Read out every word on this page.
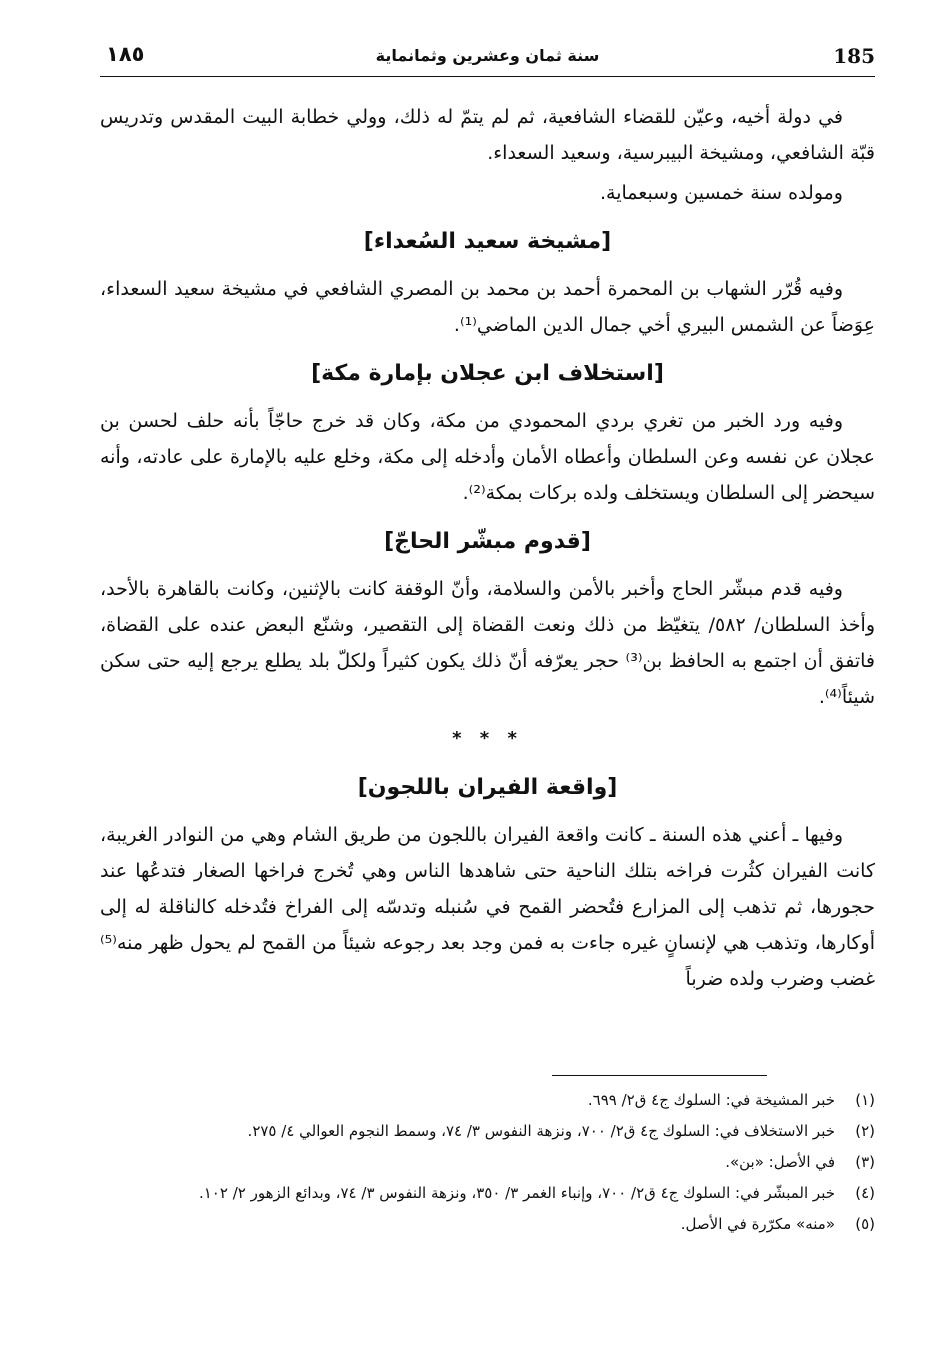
185
سنة ثمان وعشرين وثمانماية
١٨٥

في دولة أخيه، وعيّن للقضاء الشافعية، ثم لم يتمّ له ذلك، وولي خطابة البيت المقدس وتدريس قبّة الشافعي، ومشيخة البيبرسية، وسعيد السعداء.

ومولده سنة خمسين وسبعماية.

[مشيخة سعيد السُعداء]

وفيه قُرّر الشهاب بن المحمرة أحمد بن محمد بن المصري الشافعي في مشيخة سعيد السعداء، عِوَضاً عن الشمس البيري أخي جمال الدين الماضي⁽¹⁾.

[استخلاف ابن عجلان بإمارة مكة]

وفيه ورد الخبر من تغري بردي المحمودي من مكة، وكان قد خرج حاجّاً بأنه حلف لحسن بن عجلان عن نفسه وعن السلطان وأعطاه الأمان وأدخله إلى مكة، وخلع عليه بالإمارة على عادته، وأنه سيحضر إلى السلطان ويستخلف ولده بركات بمكة⁽²⁾.

[قدوم مبشّر الحاجّ]

وفيه قدم مبشّر الحاج وأخبر بالأمن والسلامة، وأنّ الوقفة كانت بالإثنين، وكانت بالقاهرة بالأحد، وأخذ السلطان/ ٥٨٢/ يتغيّظ من ذلك ونعت القضاة إلى التقصير، وشنّع البعض عنده على القضاة، فاتفق أن اجتمع به الحافظ بن⁽³⁾ حجر يعرّفه أنّ ذلك يكون كثيراً ولكلّ بلد يطلع يرجع إليه حتى سكن شيئاً⁽⁴⁾.

* * *
[واقعة الفيران باللجون]

وفيها ـ أعني هذه السنة ـ كانت واقعة الفيران باللجون من طريق الشام وهي من النوادر الغريبة، كانت الفيران كثُرت فراخه بتلك الناحية حتى شاهدها الناس وهي تُخرج فراخها الصغار فتدعُها عند حجورها، ثم تذهب إلى المزارع فتُحضر القمح في سُنبله وتدسّه إلى الفراخ فتُدخله كالناقلة له إلى أوكارها، وتذهب هي لإنسانٍ غيره جاءت به فمن وجد بعد رجوعه شيئاً من القمح لم يحول ظهر منه⁽⁵⁾ غضب وضرب ولده ضرباً

(١)
خبر المشيخة في: السلوك ج٤ ق٢/ ٦٩٩.
(٢)
خبر الاستخلاف في: السلوك ج٤ ق٢/ ٧٠٠، ونزهة النفوس ٣/ ٧٤، وسمط النجوم العوالي ٤/ ٢٧٥.
(٣)
في الأصل: «بن».
(٤)
خبر المبشّر في: السلوك ج٤ ق٢/ ٧٠٠، وإنباء الغمر ٣/ ٣٥٠، ونزهة النفوس ٣/ ٧٤، وبدائع الزهور ٢/ ١٠٢.
(٥)
«منه» مكرّرة في الأصل.
